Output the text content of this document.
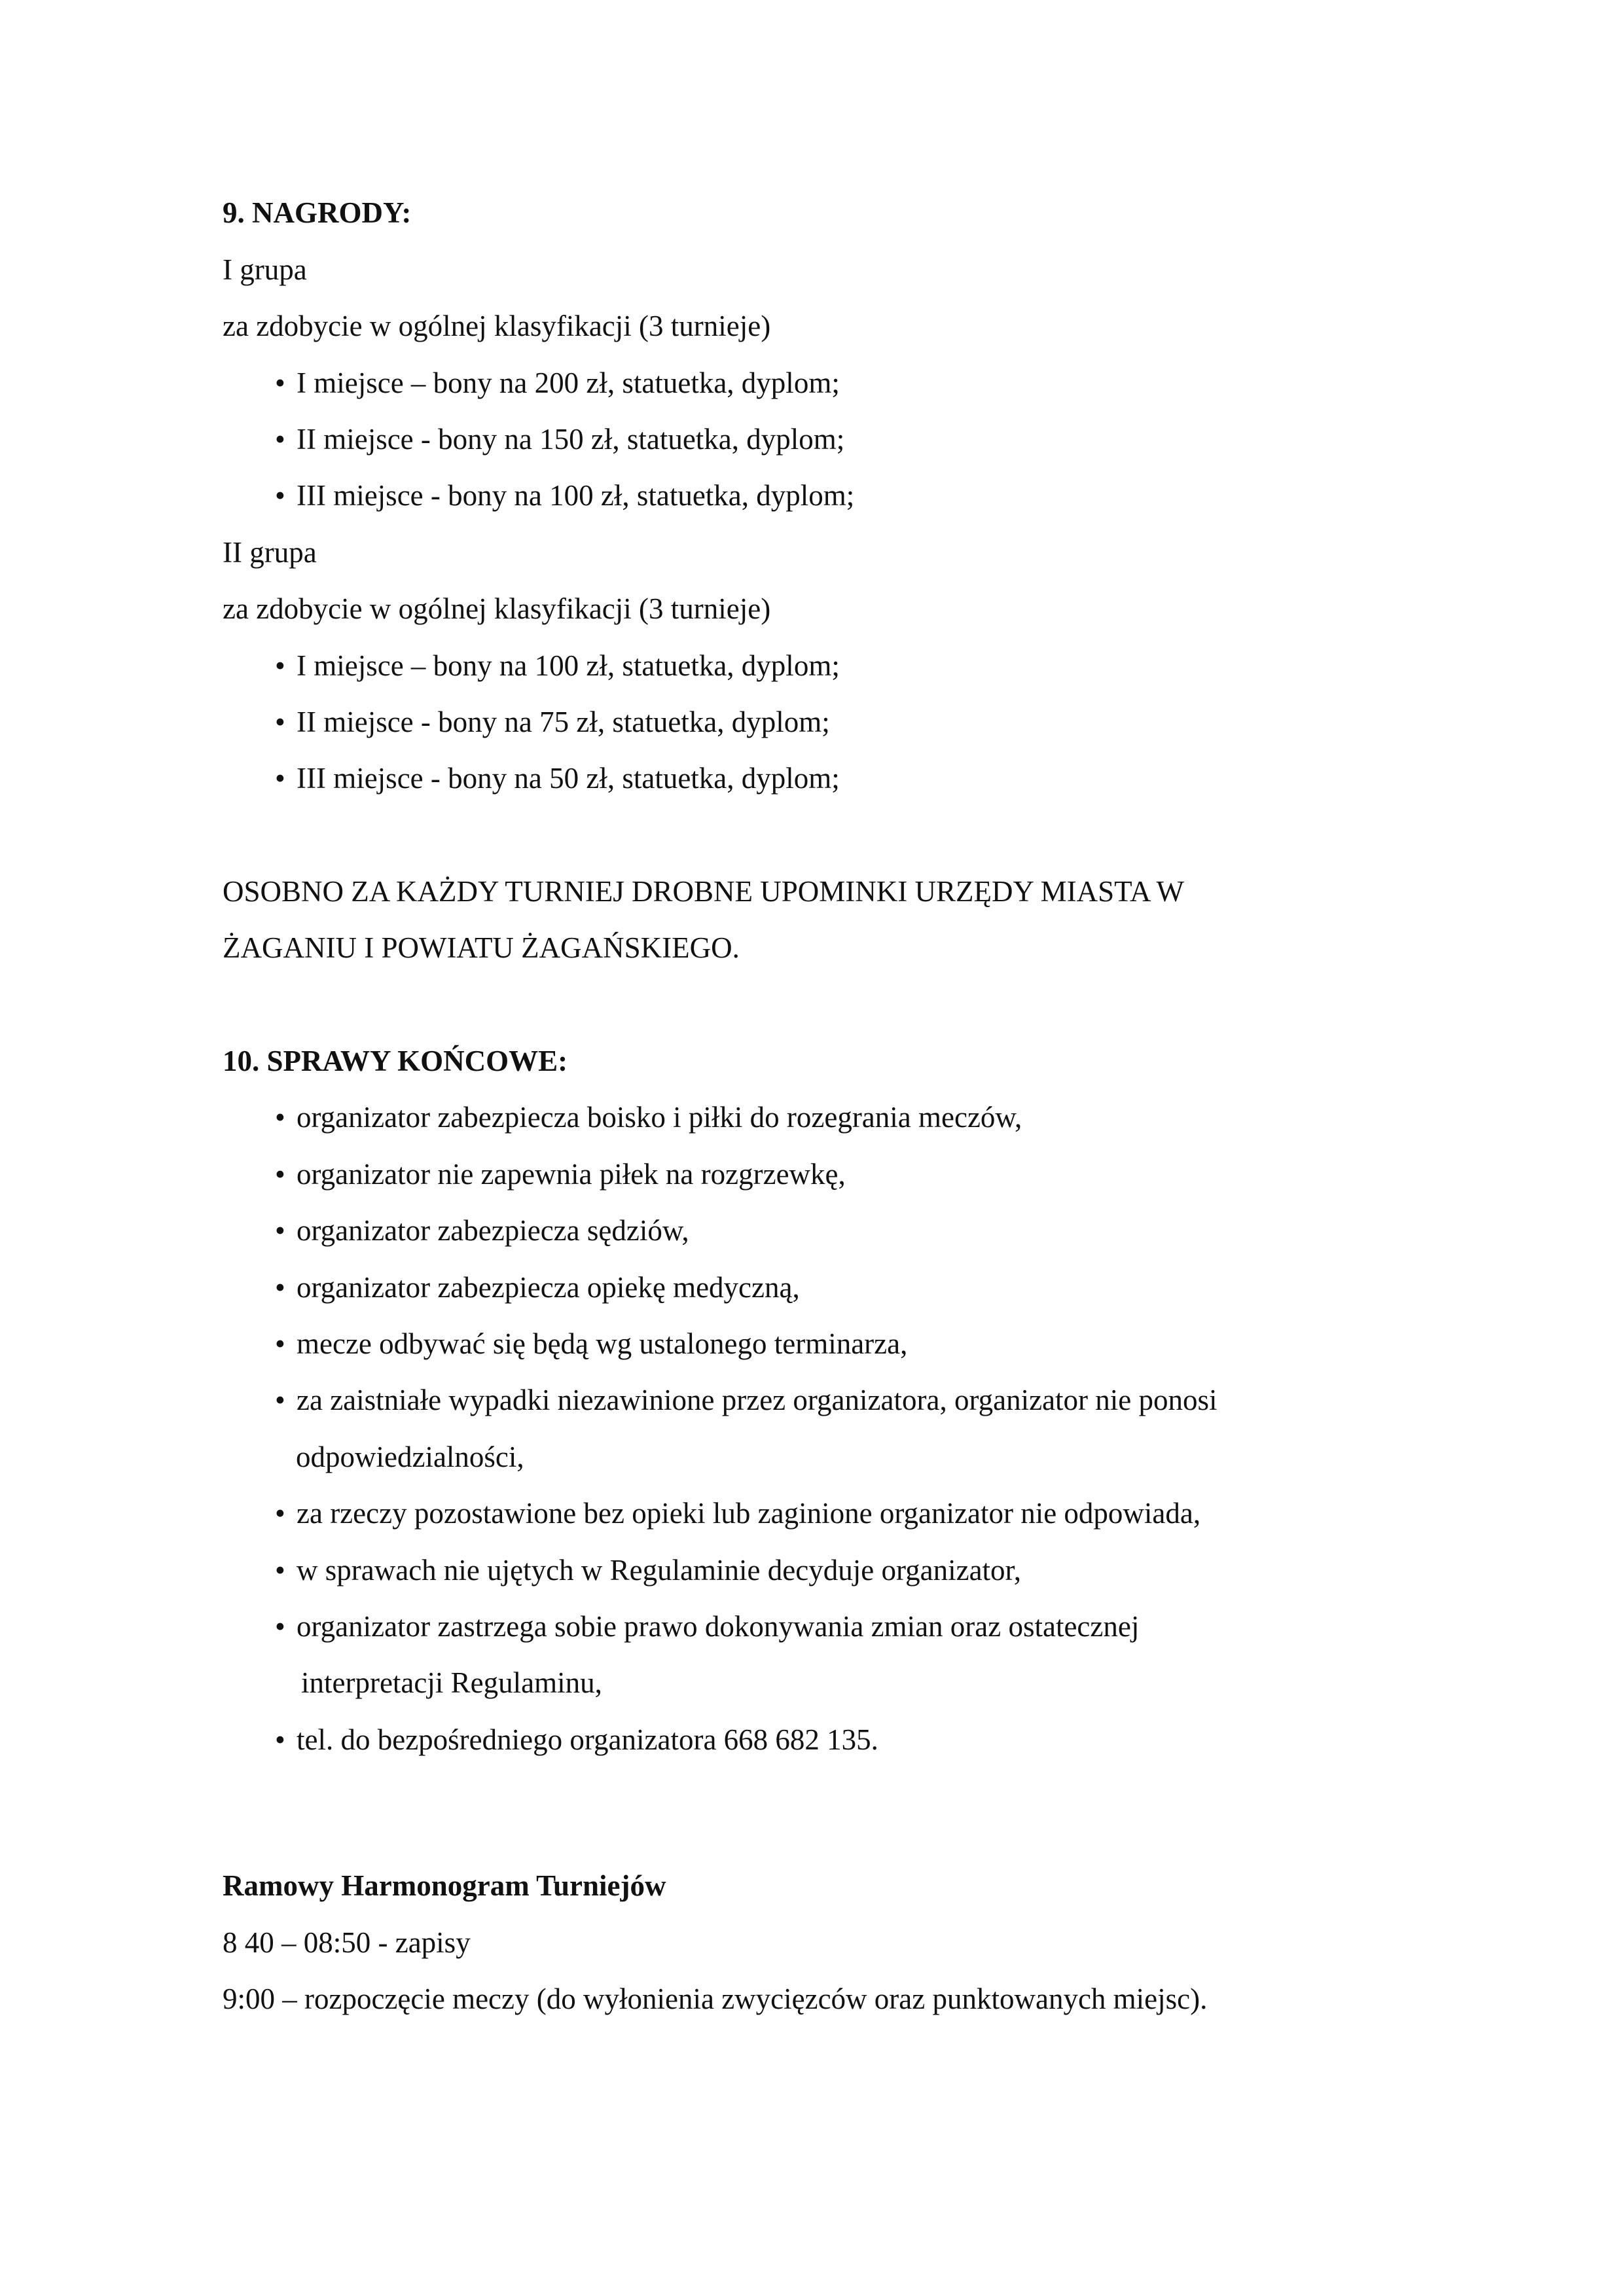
9. NAGRODY:

I grupa

za zdobycie w ogólnej klasyfikacji (3 turnieje)

• I miejsce – bony na 200 zł, statuetka, dyplom;

• II miejsce - bony na 150 zł, statuetka, dyplom;

• III miejsce - bony na 100 zł, statuetka, dyplom;

II grupa

za zdobycie w ogólnej klasyfikacji (3 turnieje)

• I miejsce – bony na 100 zł, statuetka, dyplom;

• II miejsce - bony na 75 zł, statuetka, dyplom;

• III miejsce - bony na 50 zł, statuetka, dyplom;

OSOBNO ZA KAŻDY TURNIEJ DROBNE UPOMINKI URZĘDY MIASTA W

ŻAGANIU I POWIATU ŻAGAŃSKIEGO.

10. SPRAWY KOŃCOWE:

• organizator zabezpiecza boisko i piłki do rozegrania meczów,

• organizator nie zapewnia piłek na rozgrzewkę,

• organizator zabezpiecza sędziów,

• organizator zabezpiecza opiekę medyczną,

• mecze odbywać się będą wg ustalonego terminarza,

• za zaistniałe wypadki niezawinione przez organizatora, organizator nie ponosi

odpowiedzialności,

• za rzeczy pozostawione bez opieki lub zaginione organizator nie odpowiada,

• w sprawach nie ujętych w Regulaminie decyduje organizator,

• organizator zastrzega sobie prawo dokonywania zmian oraz ostatecznej

interpretacji Regulaminu,

• tel. do bezpośredniego organizatora 668 682 135.

Ramowy Harmonogram Turniejów

8 40 – 08:50 - zapisy

9:00 – rozpoczęcie meczy (do wyłonienia zwycięzców oraz punktowanych miejsc).
